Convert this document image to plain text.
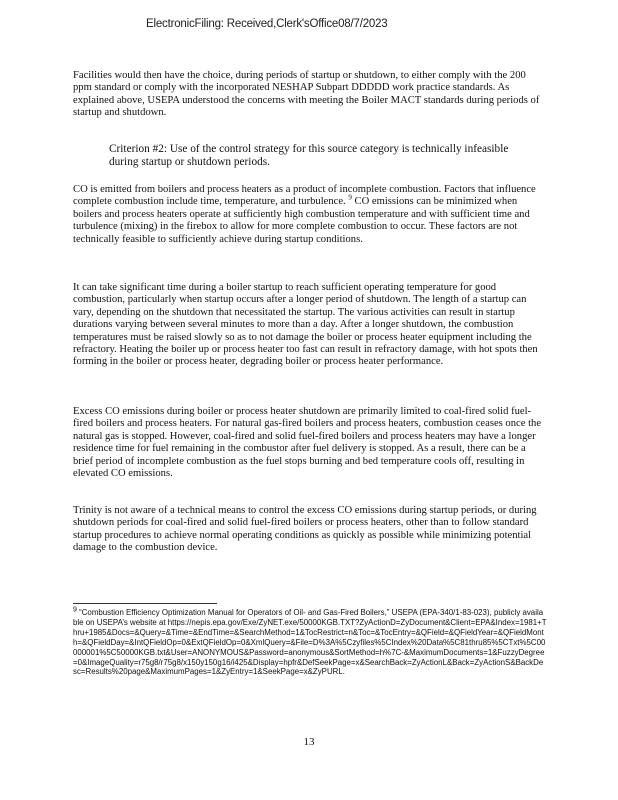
ElectronicFiling: Received,Clerk'sOffice08/7/2023

Facilities would then have the choice, during periods of startup or shutdown, to either comply with the 200 ppm standard or comply with the incorporated NESHAP Subpart DDDDD work practice standards. As explained above, USEPA understood the concerns with meeting the Boiler MACT standards during periods of startup and shutdown.

Criterion #2: Use of the control strategy for this source category is technically infeasible during startup or shutdown periods.

CO is emitted from boilers and process heaters as a product of incomplete combustion. Factors that influence complete combustion include time, temperature, and turbulence. $^9$ CO emissions can be minimized when boilers and process heaters operate at sufficiently high combustion temperature and with sufficient time and turbulence (mixing) in the firebox to allow for more complete combustion to occur. These factors are not technically feasible to sufficiently achieve during startup conditions.

It can take significant time during a boiler startup to reach sufficient operating temperature for good combustion, particularly when startup occurs after a longer period of shutdown. The length of a startup can vary, depending on the shutdown that necessitated the startup. The various activities can result in startup durations varying between several minutes to more than a day. After a longer shutdown, the combustion temperatures must be raised slowly so as to not damage the boiler or process heater equipment including the refractory. Heating the boiler up or process heater too fast can result in refractory damage, with hot spots then forming in the boiler or process heater, degrading boiler or process heater performance.

Excess CO emissions during boiler or process heater shutdown are primarily limited to coal-fired solid fuel-fired boilers and process heaters. For natural gas-fired boilers and process heaters, combustion ceases once the natural gas is stopped. However, coal-fired and solid fuel-fired boilers and process heaters may have a longer residence time for fuel remaining in the combustor after fuel delivery is stopped. As a result, there can be a brief period of incomplete combustion as the fuel stops burning and bed temperature cools off, resulting in elevated CO emissions.

Trinity is not aware of a technical means to control the excess CO emissions during startup periods, or during shutdown periods for coal-fired and solid fuel-fired boilers or process heaters, other than to follow standard startup procedures to achieve normal operating conditions as quickly as possible while minimizing potential damage to the combustion device.

9 “Combustion Efficiency Optimization Manual for Operators of Oil- and Gas-Fired Boilers,” USEPA (EPA-340/1-83-023), publicly available on USEPA’s website at https://nepis.epa.gov/Exe/ZyNET.exe/50000KGB.TXT?ZyActionD=ZyDocument&Client=EPA&Index=1981+Thru+1985&Docs=&Query=&Time=&EndTime=&SearchMethod=1&TocRestrict=n&Toc=&TocEntry=&QField=&QFieldYear=&QFieldMonth=&QFieldDay=&IntQFieldOp=0&ExtQFieldOp=0&XmlQuery=&File=D%3A%5Czyfiles%5CIndex%20Data%5C81thru85%5CTxt%5C00000001%5C50000KGB.txt&User=ANONYMOUS&Password=anonymous&SortMethod=h%7C-&MaximumDocuments=1&FuzzyDegree=0&ImageQuality=r75g8/r75g8/x150y150g16/i425&Display=hpfr&DefSeekPage=x&SearchBack=ZyActionL&Back=ZyActionS&BackDesc=Results%20page&MaximumPages=1&ZyEntry=1&SeekPage=x&ZyPURL.

13
